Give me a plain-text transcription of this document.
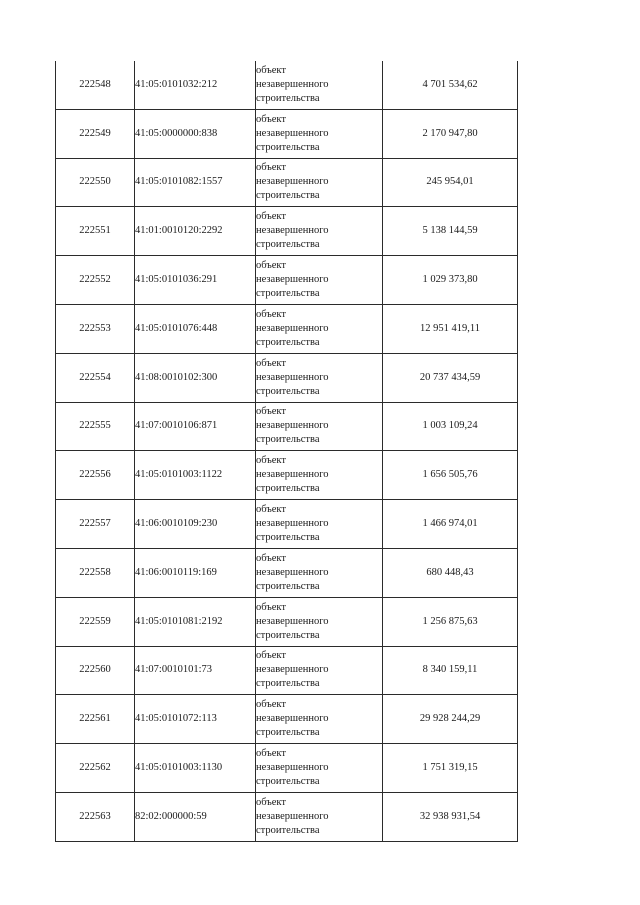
222548	41:05:0101032:212	объект
незавершенного
строительства	4 701 534,62
222549	41:05:0000000:838	объект
незавершенного
строительства	2 170 947,80
222550	41:05:0101082:1557	объект
незавершенного
строительства	245 954,01
222551	41:01:0010120:2292	объект
незавершенного
строительства	5 138 144,59
222552	41:05:0101036:291	объект
незавершенного
строительства	1 029 373,80
222553	41:05:0101076:448	объект
незавершенного
строительства	12 951 419,11
222554	41:08:0010102:300	объект
незавершенного
строительства	20 737 434,59
222555	41:07:0010106:871	объект
незавершенного
строительства	1 003 109,24
222556	41:05:0101003:1122	объект
незавершенного
строительства	1 656 505,76
222557	41:06:0010109:230	объект
незавершенного
строительства	1 466 974,01
222558	41:06:0010119:169	объект
незавершенного
строительства	680 448,43
222559	41:05:0101081:2192	объект
незавершенного
строительства	1 256 875,63
222560	41:07:0010101:73	объект
незавершенного
строительства	8 340 159,11
222561	41:05:0101072:113	объект
незавершенного
строительства	29 928 244,29
222562	41:05:0101003:1130	объект
незавершенного
строительства	1 751 319,15
222563	82:02:000000:59	объект
незавершенного
строительства	32 938 931,54
